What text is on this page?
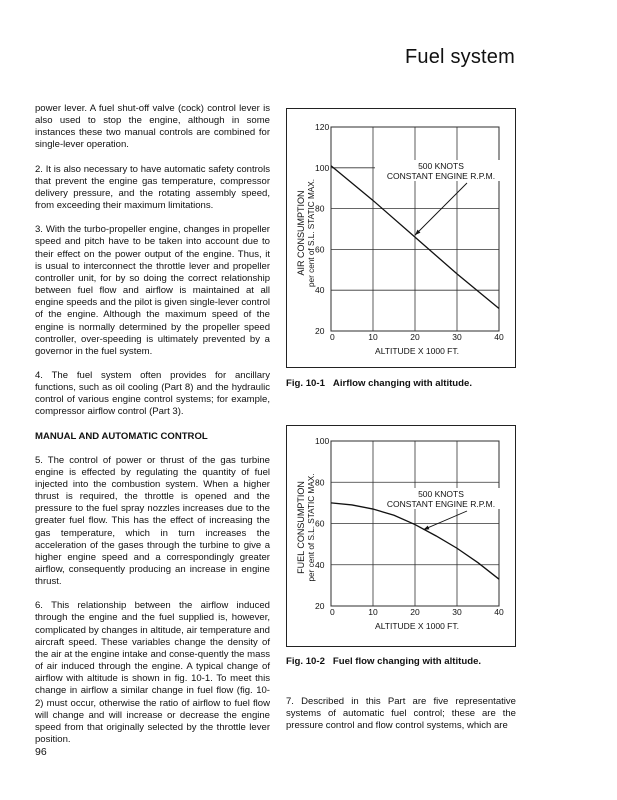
Fuel system

power lever. A fuel shut-off valve (cock) control lever is also used to stop the engine, although in some instances these two manual controls are combined for single-lever operation.

2. It is also necessary to have automatic safety controls that prevent the engine gas temperature, compressor delivery pressure, and the rotating assembly speed, from exceeding their maximum limitations.

3. With the turbo-propeller engine, changes in propeller speed and pitch have to be taken into account due to their effect on the power output of the engine. Thus, it is usual to interconnect the throttle lever and propeller controller unit, for by so doing the correct relationship between fuel flow and airflow is maintained at all engine speeds and the pilot is given single-lever control of the engine. Although the maximum speed of the engine is normally determined by the propeller speed controller, over-speeding is ultimately prevented by a governor in the fuel system.

4. The fuel system often provides for ancillary functions, such as oil cooling (Part 8) and the hydraulic control of various engine control systems; for example, compressor airflow control (Part 3).

MANUAL AND AUTOMATIC CONTROL

5. The control of power or thrust of the gas turbine engine is effected by regulating the quantity of fuel injected into the combustion system. When a higher thrust is required, the throttle is opened and the pressure to the fuel spray nozzles increases due to the greater fuel flow. This has the effect of increasing the gas temperature, which in turn increases the acceleration of the gases through the turbine to give a higher engine speed and a correspondingly greater airflow, consequently producing an increase in engine thrust.

6. This relationship between the airflow induced through the engine and the fuel supplied is, however, complicated by changes in altitude, air temperature and aircraft speed. These variables change the density of the air at the engine intake and conse-quently the mass of air induced through the engine. A typical change of airflow with altitude is shown in fig. 10-1. To meet this change in airflow a similar change in fuel flow (fig. 10-2) must occur, otherwise the ratio of airflow to fuel flow will change and will increase or decrease the engine speed from that originally selected by the throttle lever position.

20
40
60
80
100
120
0	10	20	30	40
ALTITUDE X 1000 FT.
AIR CONSUMPTION per cent of S.L. STATIC MAX.
500 KNOTS
CONSTANT ENGINE R.P.M.
Fig. 10-1 Airflow changing with altitude.
20
40
60
80
100
0	10	20	30	40
ALTITUDE X 1000 FT.
FUEL CONSUMPTION per cent of S.L. STATIC MAX.	500 KNOTS
CONSTANT ENGINE R.P.M.
Fig. 10-2 Fuel flow changing with altitude.

7. Described in this Part are five representative systems of automatic fuel control; these are the pressure control and flow control systems, which are

96
